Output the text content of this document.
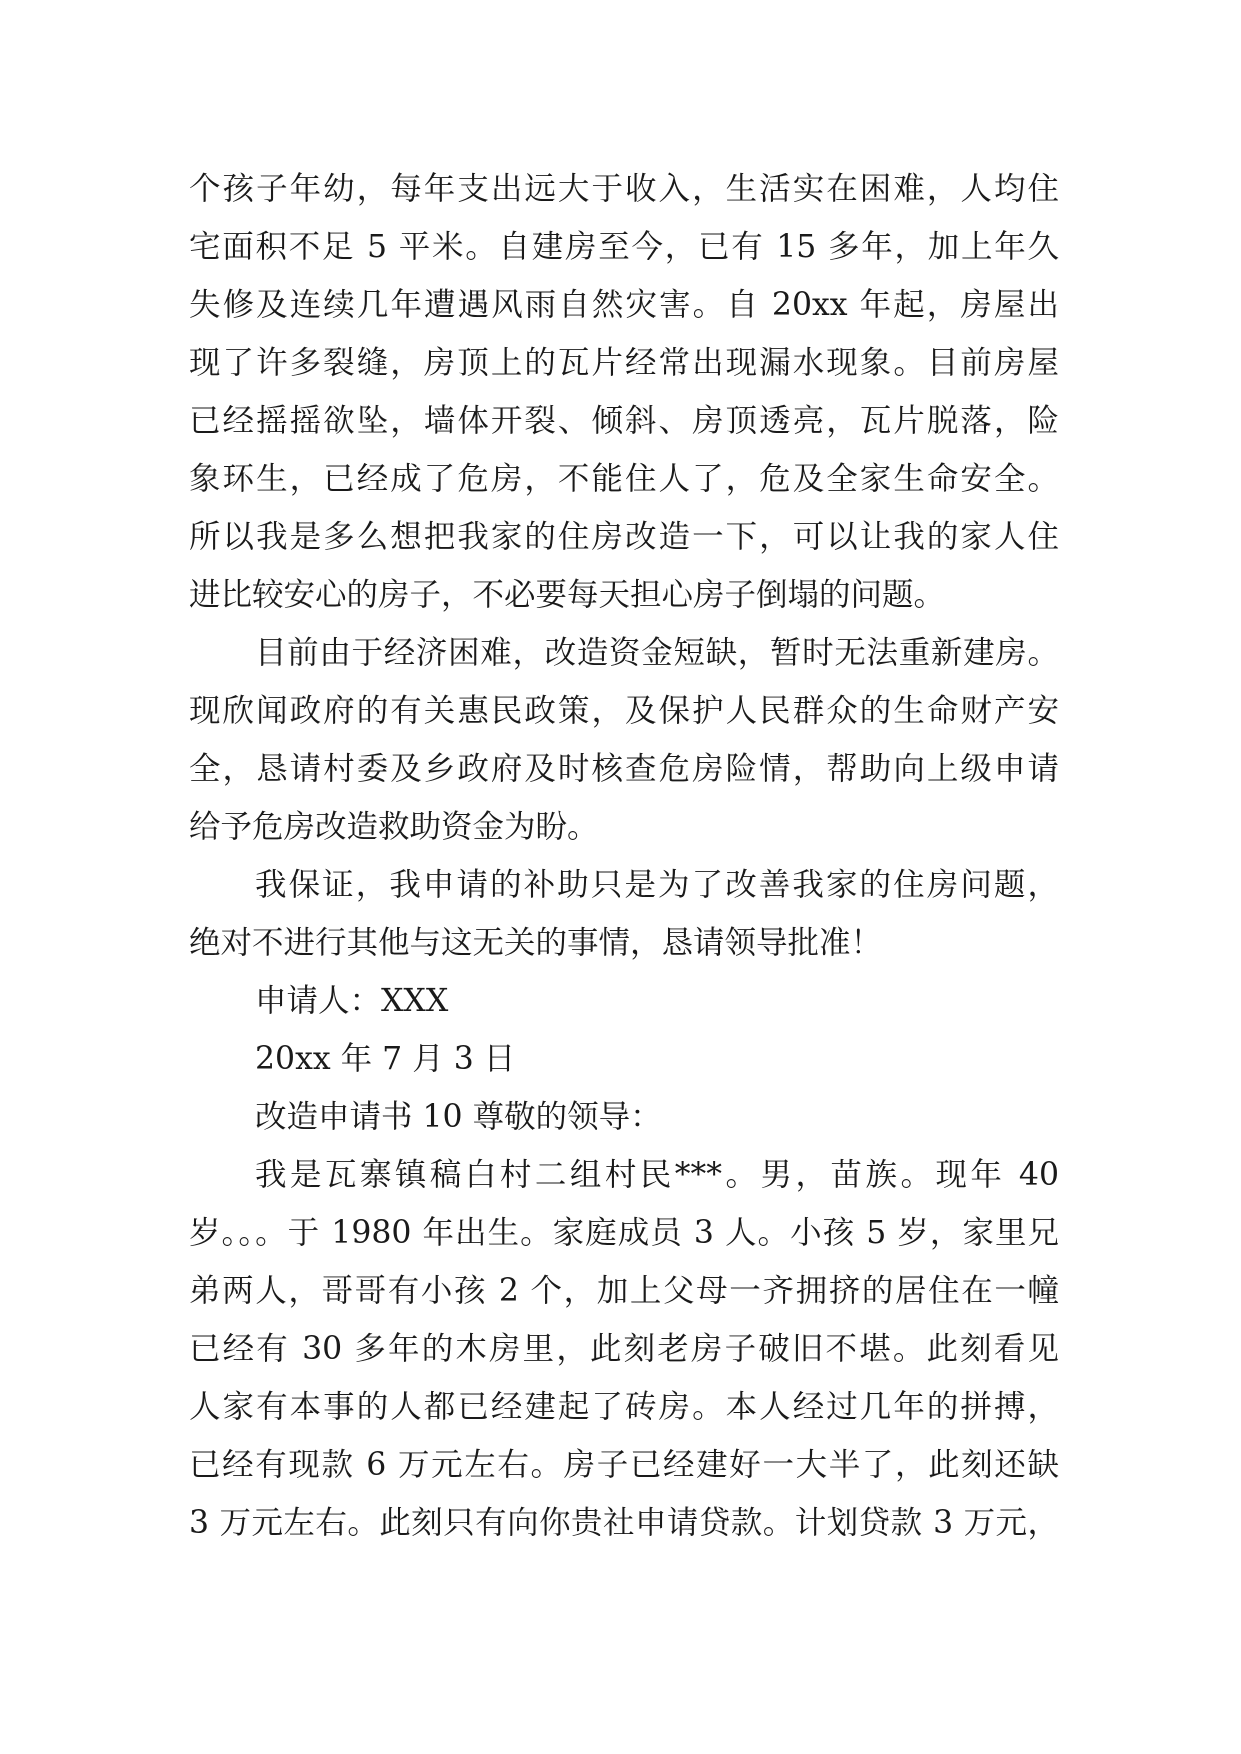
个孩子年幼，每年支出远大于收入，生活实在困难，人均住
宅面积不足 5 平米。自建房至今，已有 15 多年，加上年久
失修及连续几年遭遇风雨自然灾害。自 20xx 年起，房屋出
现了许多裂缝，房顶上的瓦片经常出现漏水现象。目前房屋
已经摇摇欲坠，墙体开裂、倾斜、房顶透亮，瓦片脱落，险
象环生，已经成了危房，不能住人了，危及全家生命安全。
所以我是多么想把我家的住房改造一下，可以让我的家人住
进比较安心的房子，不必要每天担心房子倒塌的问题。
目前由于经济困难，改造资金短缺，暂时无法重新建房。
现欣闻政府的有关惠民政策，及保护人民群众的生命财产安
全，恳请村委及乡政府及时核查危房险情，帮助向上级申请
给予危房改造救助资金为盼。
我保证，我申请的补助只是为了改善我家的住房问题，
绝对不进行其他与这无关的事情，恳请领导批准！
申请人：XXX
20xx 年 7 月 3 日
改造申请书 10 尊敬的领导：
我是瓦寨镇稿白村二组村民***。男，苗族。现年 40
岁。。。于 1980 年出生。家庭成员 3 人。小孩 5 岁，家里兄
弟两人，哥哥有小孩 2 个，加上父母一齐拥挤的居住在一幢
已经有 30 多年的木房里，此刻老房子破旧不堪。此刻看见
人家有本事的人都已经建起了砖房。本人经过几年的拼搏，
已经有现款 6 万元左右。房子已经建好一大半了，此刻还缺
3 万元左右。此刻只有向你贵社申请贷款。计划贷款 3 万元，
